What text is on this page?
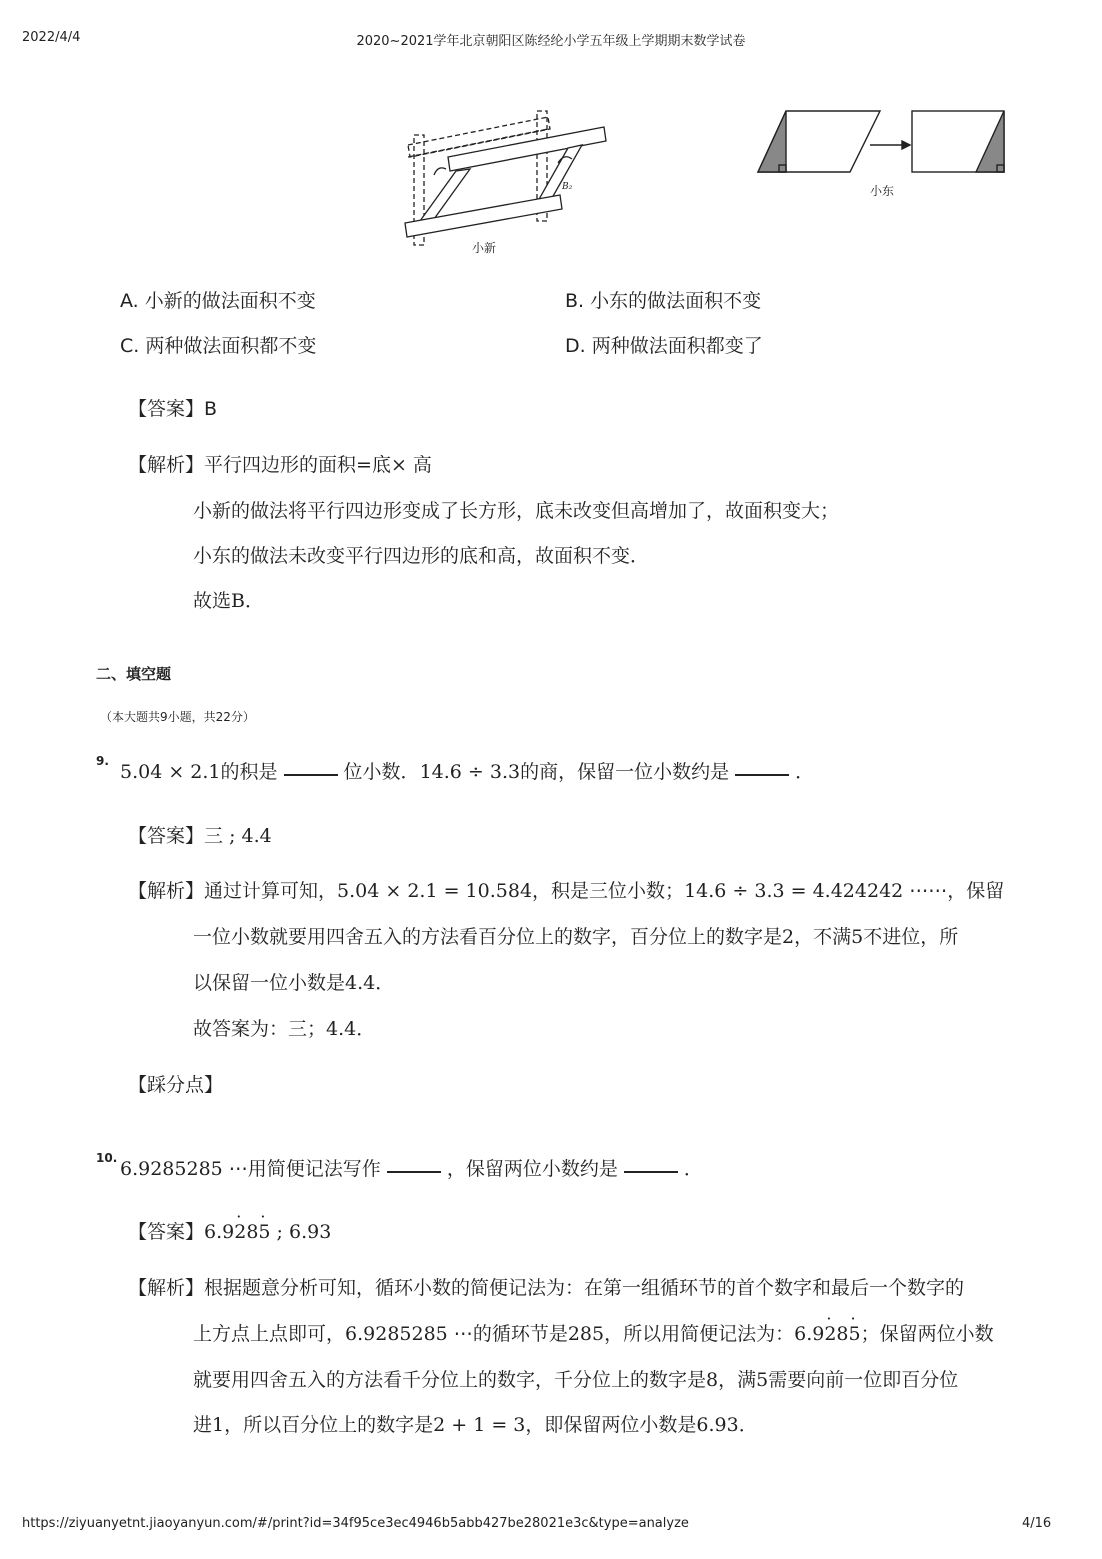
2022/4/4	2020~2021学年北京朝阳区陈经纶小学五年级上学期期末数学试卷
B₂
小新
小东
A. 小新的做法面积不变	B. 小东的做法面积不变
C. 两种做法面积都不变	D. 两种做法面积都变了
【答案】B
【解析】平行四边形的面积=底× 高
小新的做法将平行四边形变成了长方形，底未改变但高增加了，故面积变大；
小东的做法未改变平行四边形的底和高，故面积不变．
故选B．
二、填空题
（本大题共9小题，共22分）
9. 5.04 × 2.1的积是	位小数．14.6 ÷ 3.3的商，保留一位小数约是	．
【答案】三 ; 4.4
【解析】通过计算可知，5.04 × 2.1 = 10.584，积是三位小数；14.6 ÷ 3.3 = 4.424242 ⋯⋯，保留
一位小数就要用四舍五入的方法看百分位上的数字，百分位上的数字是2，不满5不进位，所
以保留一位小数是4.4．
故答案为：三；4.4．
【踩分点】
10. 6.9285285 ⋯用简便记法写作	，保留两位小数约是	．
【答案】6.9· 28· 5 ; 6.93
【解析】根据题意分析可知，循环小数的简便记法为：在第一组循环节的首个数字和最后一个数字的
上方点上点即可，6.9285285 ⋯的循环节是285，所以用简便记法为：6.9· 28· 5；保留两位小数
就要用四舍五入的方法看千分位上的数字，千分位上的数字是8，满5需要向前一位即百分位
进1，所以百分位上的数字是2 + 1 = 3，即保留两位小数是6.93．
https://ziyuanyetnt.jiaoyanyun.com/#/print?id=34f95ce3ec4946b5abb427be28021e3c&type=analyze	4/16
